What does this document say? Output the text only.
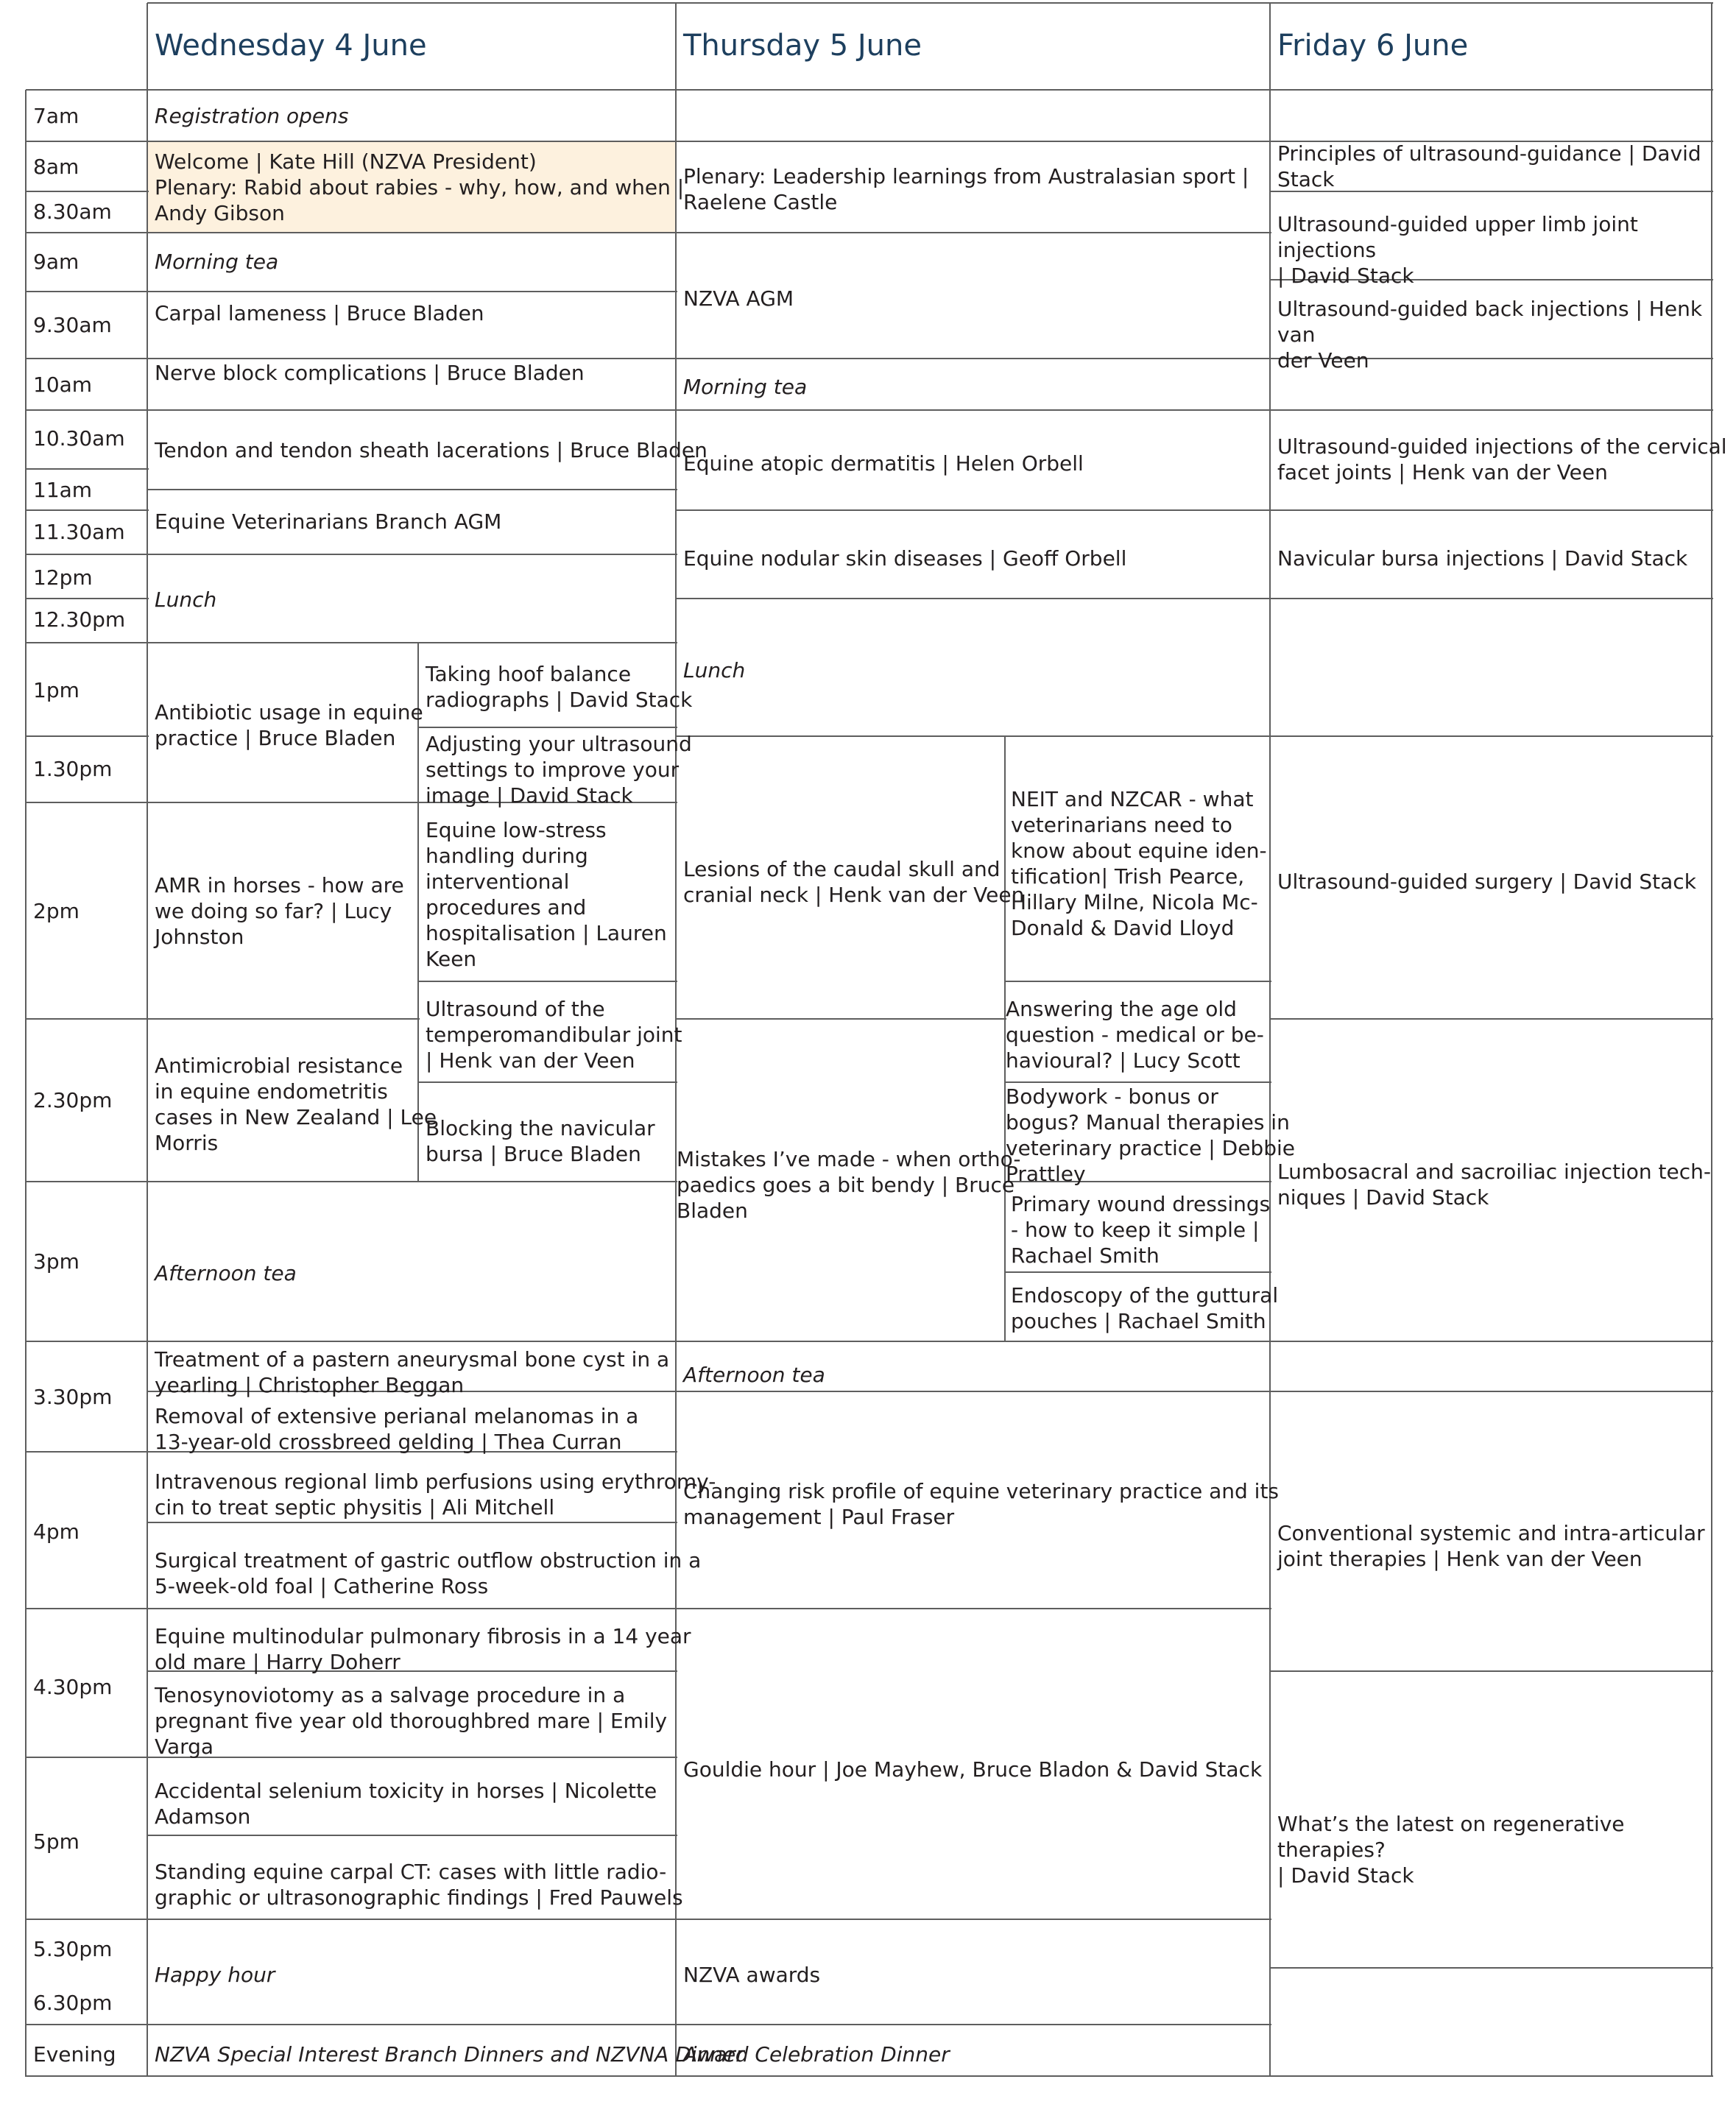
Wednesday 4 June	Thursday 5 June	Friday 6 June
7am
8am
8.30am
9am
9.30am
10am
10.30am
11am
11.30am
12pm
12.30pm
1pm
1.30pm
2pm
2.30pm
3pm
3.30pm
4pm
4.30pm
5pm
5.30pm
6.30pm
Evening
Registration opens
Welcome | Kate Hill (NZVA President)
Plenary: Rabid about rabies - why, how, and when |
Andy Gibson
Morning tea
Carpal lameness | Bruce Bladen
Nerve block complications | Bruce Bladen
Tendon and tendon sheath lacerations | Bruce Bladen
Equine Veterinarians Branch AGM
Lunch
Antibiotic usage in equine
practice | Bruce Bladen
Taking hoof balance
radiographs | David Stack
Adjusting your ultrasound
settings to improve your
image | David Stack
AMR in horses - how are
we doing so far? | Lucy
Johnston
Equine low-stress
handling during
interventional
procedures and
hospitalisation | Lauren
Keen
Ultrasound of the
temperomandibular joint
| Henk van der Veen
Antimicrobial resistance
in equine endometritis
cases in New Zealand | Lee
Morris
Blocking the navicular
bursa | Bruce Bladen
Afternoon tea
Treatment of a pastern aneurysmal bone cyst in a
yearling | Christopher Beggan
Removal of extensive perianal melanomas in a
13-year-old crossbreed gelding | Thea Curran
Intravenous regional limb perfusions using erythromy-
cin to treat septic physitis | Ali Mitchell
Surgical treatment of gastric outflow obstruction in a
5-week-old foal | Catherine Ross
Equine multinodular pulmonary fibrosis in a 14 year
old mare | Harry Doherr
Tenosynoviotomy as a salvage procedure in a
pregnant five year old thoroughbred mare | Emily
Varga
Accidental selenium toxicity in horses | Nicolette
Adamson
Standing equine carpal CT: cases with little radio-
graphic or ultrasonographic findings | Fred Pauwels
Happy hour
NZVA Special Interest Branch Dinners and NZVNA Dinner
Plenary: Leadership learnings from Australasian sport |
Raelene Castle
NZVA AGM
Morning tea
Equine atopic dermatitis | Helen Orbell
Equine nodular skin diseases | Geoff Orbell
Lunch
Lesions of the caudal skull and
cranial neck | Henk van der Veen
NEIT and NZCAR - what
veterinarians need to
know about equine iden-
tification| Trish Pearce,
Hillary Milne, Nicola Mc-
Donald & David Lloyd
Answering the age old
question - medical or be-
havioural? | Lucy Scott
Mistakes I’ve made - when ortho-
paedics goes a bit bendy | Bruce
Bladen
Bodywork - bonus or
bogus? Manual therapies in
veterinary practice | Debbie
Prattley
Primary wound dressings
- how to keep it simple |
Rachael Smith
Endoscopy of the guttural
pouches | Rachael Smith
Afternoon tea
Changing risk profile of equine veterinary practice and its
management | Paul Fraser
Gouldie hour | Joe Mayhew, Bruce Bladon & David Stack
NZVA awards
Award Celebration Dinner
Principles of ultrasound-guidance | David
Stack
Ultrasound-guided upper limb joint injections
| David Stack
Ultrasound-guided back injections | Henk van
der Veen
Ultrasound-guided injections of the cervical
facet joints | Henk van der Veen
Navicular bursa injections | David Stack
Ultrasound-guided surgery | David Stack
Lumbosacral and sacroiliac injection tech-
niques | David Stack
Conventional systemic and intra-articular
joint therapies | Henk van der Veen
What’s the latest on regenerative therapies?
| David Stack
